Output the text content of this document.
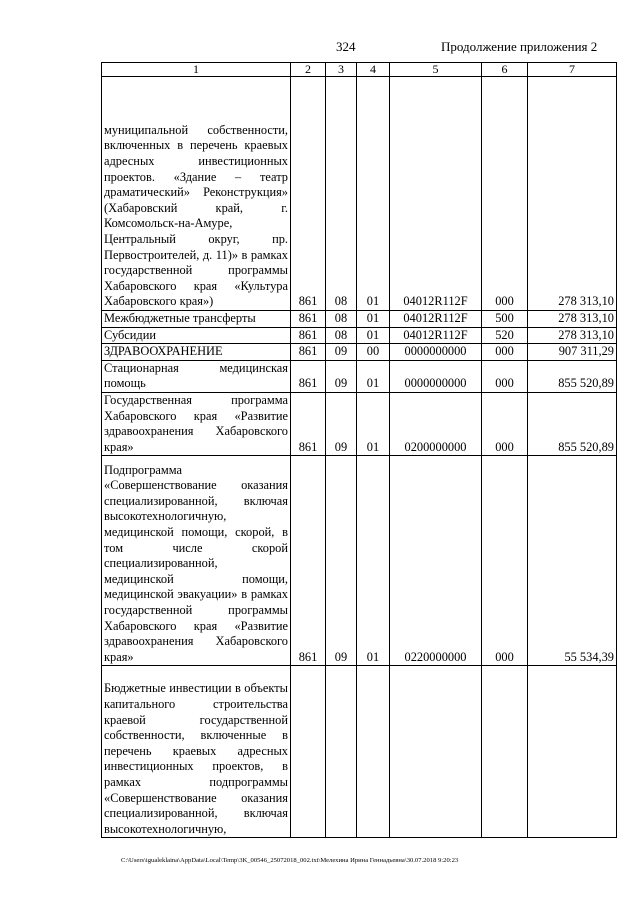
324	Продолжение приложения 2
1	2	3	4	5	6	7
муниципальной собственности, включенных в перечень краевых адресных инвестиционных проектов. «Здание – театр драматический» Реконструкция» (Хабаровский край, г. Комсомольск-на-Амуре, Центральный округ, пр. Первостроителей, д. 11)» в рамках государственной программы Хабаровского края «Культура Хабаровского края»)	861	08	01	04012R112F	000	278 313,10
Межбюджетные трансферты	861	08	01	04012R112F	500	278 313,10
Субсидии	861	08	01	04012R112F	520	278 313,10
ЗДРАВООХРАНЕНИЕ	861	09	00	0000000000	000	907 311,29
Стационарная медицинская помощь	861	09	01	0000000000	000	855 520,89
Государственная программа Хабаровского края «Развитие здравоохранения Хабаровского края»	861	09	01	0200000000	000	855 520,89
Подпрограмма «Совершенствование оказания специализированной, включая высокотехнологичную, медицинской помощи, скорой, в том числе скорой специализированной, медицинской помощи, медицинской эвакуации» в рамках государственной программы Хабаровского края «Развитие здравоохранения Хабаровского края»	861	09	01	0220000000	000	55 534,39
Бюджетные инвестиции в объекты капитального строительства краевой государственной собственности, включенные в перечень краевых адресных инвестиционных проектов, в рамках подпрограммы «Совершенствование оказания специализированной, включая высокотехнологичную,						
C:\Users\igualeklaina\AppData\Local\Temp\3K_00546_25072018_002.txt\Мелехина Ирина Геннадьевна\30.07.2018 9:20:23
